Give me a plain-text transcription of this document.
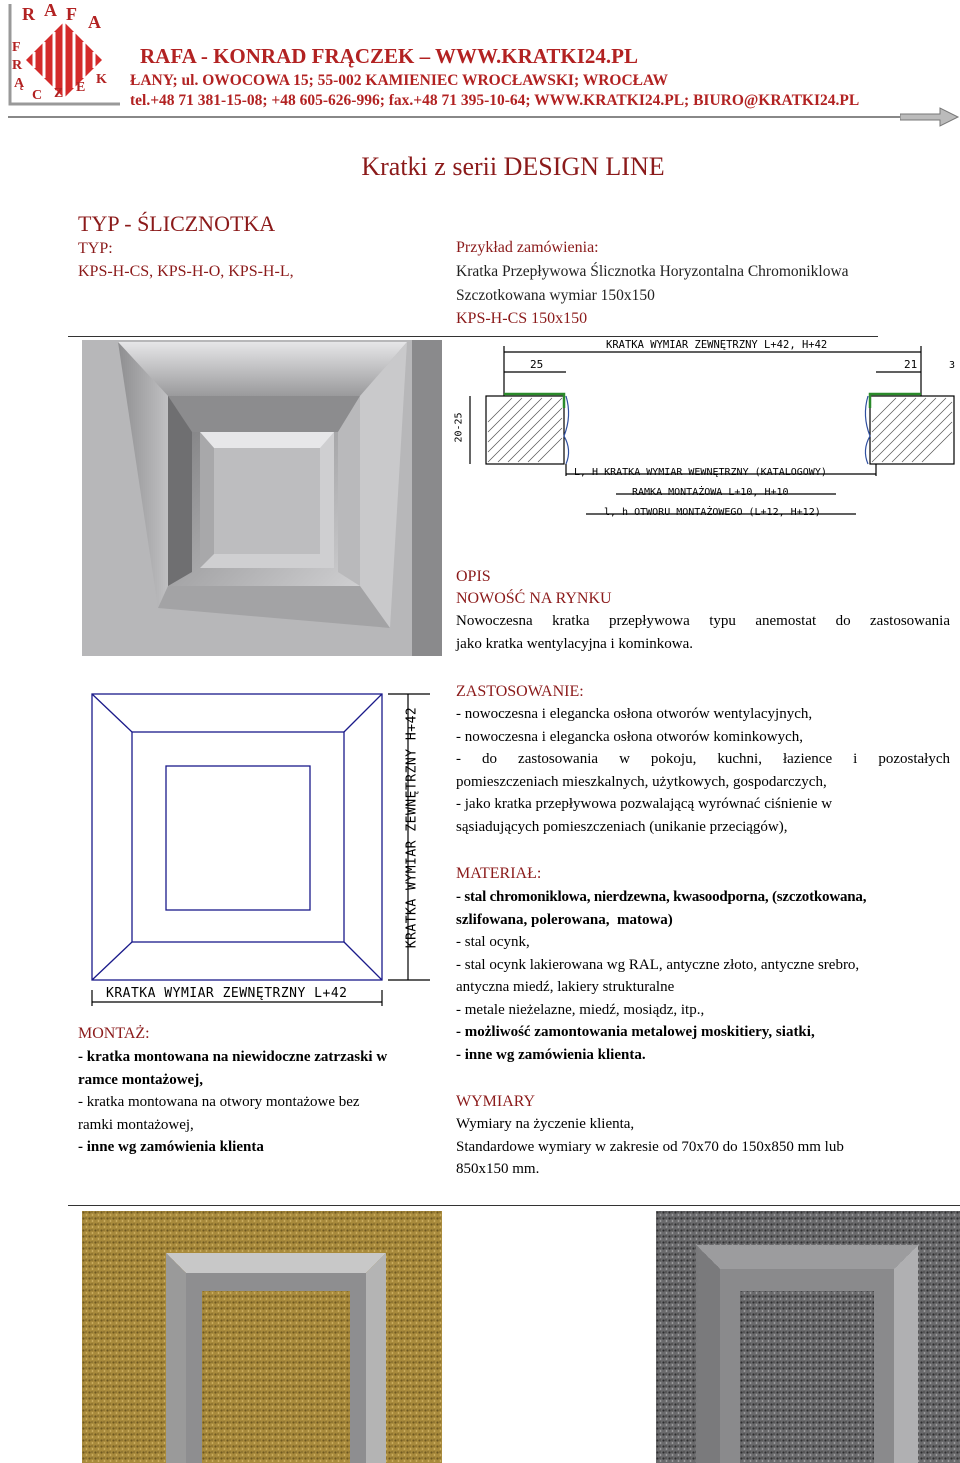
R A F A
F
R
Ą
C Z E
K
RAFA - KONRAD FRĄCZEK – WWW.KRATKI24.PL
ŁANY; ul. OWOCOWA 15; 55-002 KAMIENIEC WROCŁAWSKI; WROCŁAW
tel.+48 71 381-15-08; +48 605-626-996; fax.+48 71 395-10-64; WWW.KRATKI24.PL; BIURO@KRATKI24.PL
Kratki z serii DESIGN LINE
TYP - ŚLICZNOTKA
TYP:
KPS-H-CS, KPS-H-O, KPS-H-L,
Przykład zamówienia:
Kratka Przepływowa Ślicznotka Horyzontalna Chromoniklowa
Szczotkowana wymiar 150x150
KPS-H-CS 150x150
KRATKA WYMIAR ZEWNĘTRZNY L+42, H+42
25	21	3
20-25
L, H KRATKA WYMIAR WEWNĘTRZNY (KATALOGOWY)
RAMKA MONTAŻOWA L+10, H+10
l, h OTWORU MONTAŻOWEGO (L+12, H+12)
OPIS
NOWOŚĆ NA RYNKU
Nowoczesna kratka przepływowa typu anemostat do zastosowania
jako kratka wentylacyjna i kominkowa.
KRATKA WYMIAR ZEWNĘTRZNY H+42
KRATKA WYMIAR ZEWNĘTRZNY L+42
ZASTOSOWANIE:
- nowoczesna i elegancka osłona otworów wentylacyjnych,
- nowoczesna i elegancka osłona otworów kominkowych,
- do zastosowania w pokoju, kuchni, łazience i pozostałych
pomieszczeniach mieszkalnych, użytkowych, gospodarczych,
- jako kratka przepływowa pozwalającą wyrównać ciśnienie w
sąsiadujących pomieszczeniach (unikanie przeciągów),
MATERIAŁ:
- stal chromoniklowa, nierdzewna, kwasoodporna, (szczotkowana,
szlifowana, polerowana,  matowa)
- stal ocynk,
- stal ocynk lakierowana wg RAL, antyczne złoto, antyczne srebro,
antyczna miedź, lakiery strukturalne
- metale nieżelazne, miedź, mosiądz, itp.,
- możliwość zamontowania metalowej moskitiery, siatki,
- inne wg zamówienia klienta.
MONTAŻ:
- kratka montowana na niewidoczne zatrzaski w
ramce montażowej,
- kratka montowana na otwory montażowe bez
ramki montażowej,
- inne wg zamówienia klienta
WYMIARY
Wymiary na życzenie klienta,
Standardowe wymiary w zakresie od 70x70 do 150x850 mm lub
850x150 mm.
